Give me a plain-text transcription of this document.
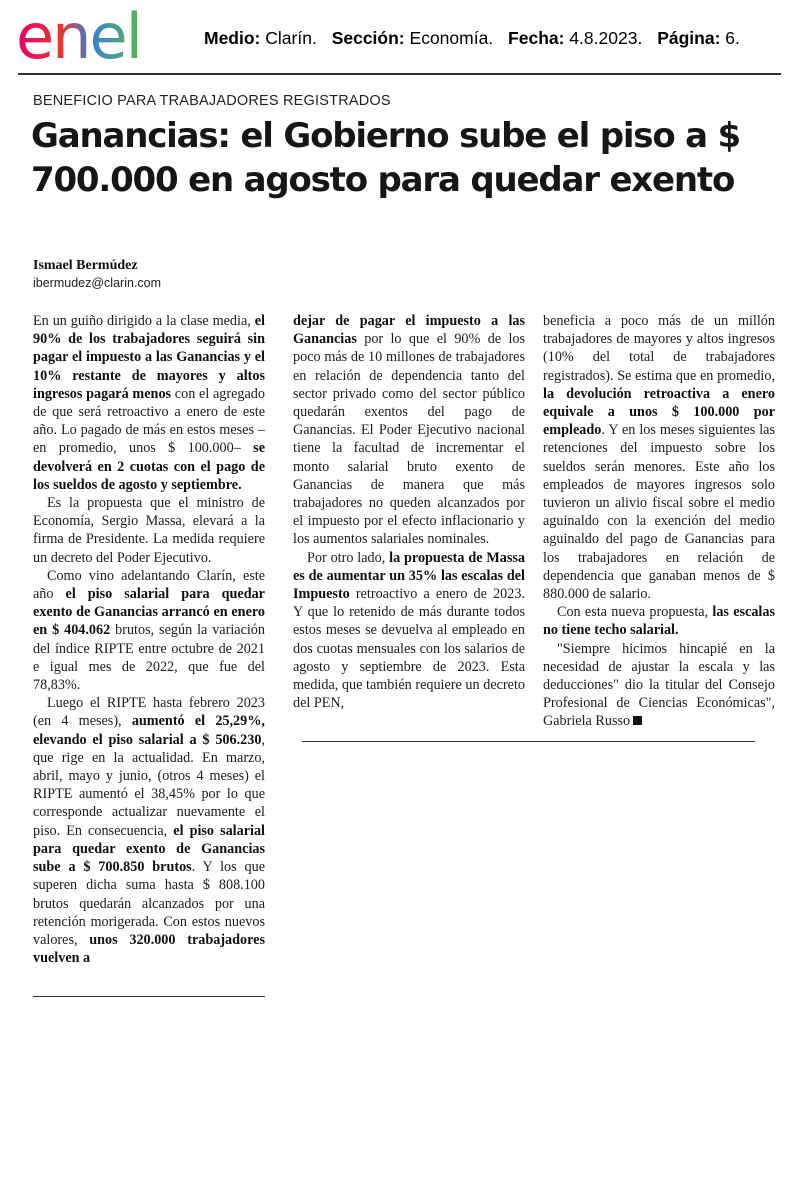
enel	Medio: Clarín. Sección: Economía. Fecha: 4.8.2023. Página: 6.
BENEFICIO PARA TRABAJADORES REGISTRADOS
Ganancias: el Gobierno sube el piso a $ 700.000 en agosto para quedar exento
Ismael Bermúdez
ibermudez@clarin.com

En un guiño dirigido a la clase media, el 90% de los trabajadores seguirá sin pagar el impuesto a las Ganancias y el 10% restante de mayores y altos ingresos pagará menos con el agregado de que será retroactivo a enero de este año. Lo pagado de más en estos meses –en promedio, unos $ 100.000– se devolverá en 2 cuotas con el pago de los sueldos de agosto y septiembre.

Es la propuesta que el ministro de Economía, Sergio Massa, elevará a la firma de Presidente. La medida requiere un decreto del Poder Ejecutivo.

Como vino adelantando Clarín, este año el piso salarial para quedar exento de Ganancias arrancó en enero en $ 404.062 brutos, según la variación del índice RIPTE entre octubre de 2021 e igual mes de 2022, que fue del 78,83%.

Luego el RIPTE hasta febrero 2023 (en 4 meses), aumentó el 25,29%, elevando el piso salarial a $ 506.230, que rige en la actualidad. En marzo, abril, mayo y junio, (otros 4 meses) el RIPTE aumentó el 38,45% por lo que corresponde actualizar nuevamente el piso. En consecuencia, el piso salarial para quedar exento de Ganancias sube a $ 700.850 brutos. Y los que superen dicha suma hasta $ 808.100 brutos quedarán alcanzados por una retención morigerada. Con estos nuevos valores, unos 320.000 trabajadores vuelven a

dejar de pagar el impuesto a las Ganancias por lo que el 90% de los poco más de 10 millones de trabajadores en relación de dependencia tanto del sector privado como del sector público quedarán exentos del pago de Ganancias. El Poder Ejecutivo nacional tiene la facultad de incrementar el monto salarial bruto exento de Ganancias de manera que más trabajadores no queden alcanzados por el impuesto por el efecto inflacionario y los aumentos salariales nominales.

Por otro lado, la propuesta de Massa es de aumentar un 35% las escalas del Impuesto retroactivo a enero de 2023. Y que lo retenido de más durante todos estos meses se devuelva al empleado en dos cuotas mensuales con los salarios de agosto y septiembre de 2023. Esta medida, que también requiere un decreto del PEN,

beneficia a poco más de un millón trabajadores de mayores y altos ingresos (10% del total de trabajadores registrados). Se estima que en promedio, la devolución retroactiva a enero equivale a unos $ 100.000 por empleado. Y en los meses siguientes las retenciones del impuesto sobre los sueldos serán menores. Este año los empleados de mayores ingresos solo tuvieron un alivio fiscal sobre el medio aguinaldo con la exención del medio aguinaldo del pago de Ganancias para los trabajadores en relación de dependencia que ganaban menos de $ 880.000 de salario.

Con esta nueva propuesta, las escalas no tiene techo salarial.

"Siempre hicimos hincapié en la necesidad de ajustar la escala y las deducciones" dio la titular del Consejo Profesional de Ciencias Económicas", Gabriela Russo
